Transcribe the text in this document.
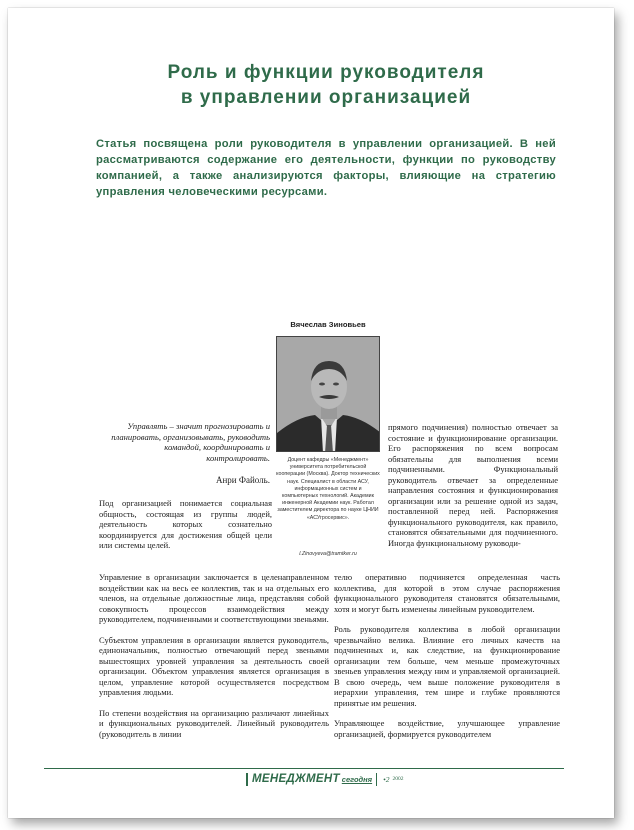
Роль и функции руководителя
в управлении организацией

Статья посвящена роли руководителя в управлении организацией. В ней рассматриваются содержание его деятельности, функции по руководству компанией, а также анализируются факторы, влияющие на стратегию управления человеческими ресурсами.

Вячеслав Зиновьев

Доцент кафедры «Менеджмент» университета потребительской кооперации (Москва). Доктор технических наук. Специалист в области АСУ, информационных систем и компьютерных технологий. Академик инженерной Академии наук. Работал заместителем директора по науке ЦНИИ «АСУгросервис».

l.Zinovyeva@tramtker.ru

Управлять – значит прогнозировать и планировать, организовывать, руководить командой, координировать и контролировать.

Анри Файоль.

Под организацией понимается социальная общность, состоящая из группы людей, деятельность которых сознательно координируется для достижения общей цели или системы целей.

прямого подчинения) полностью отвечает за состояние и функционирование организации. Его распоряжения по всем вопросам обязательны для выполнения всеми подчиненными. Функциональный руководитель отвечает за определенные направления состояния и функционирования организации или за решение одной из задач, поставленной перед ней. Распоряжения функционального руководителя, как правило, становятся обязательными для подчиненного. Иногда функциональному руководи-

Управление в организации заключается в целенаправленном воздействии как на весь ее коллектив, так и на отдельных его членов, на отдельные должностные лица, представляя собой совокупность процессов взаимодействия между руководителем, подчиненными и соответствующими звеньями.

Субъектом управления в организации является руководитель, единоначальник, полностью отвечающий перед звеньями вышестоящих уровней управления за деятельность своей организации. Объектом управления является организация в целом, управление которой осуществляется посредством управления людьми.

По степени воздействия на организацию различают линейных и функциональных руководителей. Линейный руководитель (руководитель в линии

телю оперативно подчиняется определенная часть коллектива, для которой в этом случае распоряжения функционального руководителя становятся обязательными, хотя и могут быть изменены линейным руководителем.

Роль руководителя коллектива в любой организации чрезвычайно велика. Влияние его личных качеств на подчиненных и, как следствие, на функционирование организации тем больше, чем меньше промежуточных звеньев управления между ним и управляемой организацией. В свою очередь, чем выше положение руководителя в иерархии управления, тем шире и глубже проявляются принятые им решения.

Управляющее воздействие, улучшающее управление организацией, формируется руководителем

МЕНЕДЖМЕНТ сегодня •2 2002
